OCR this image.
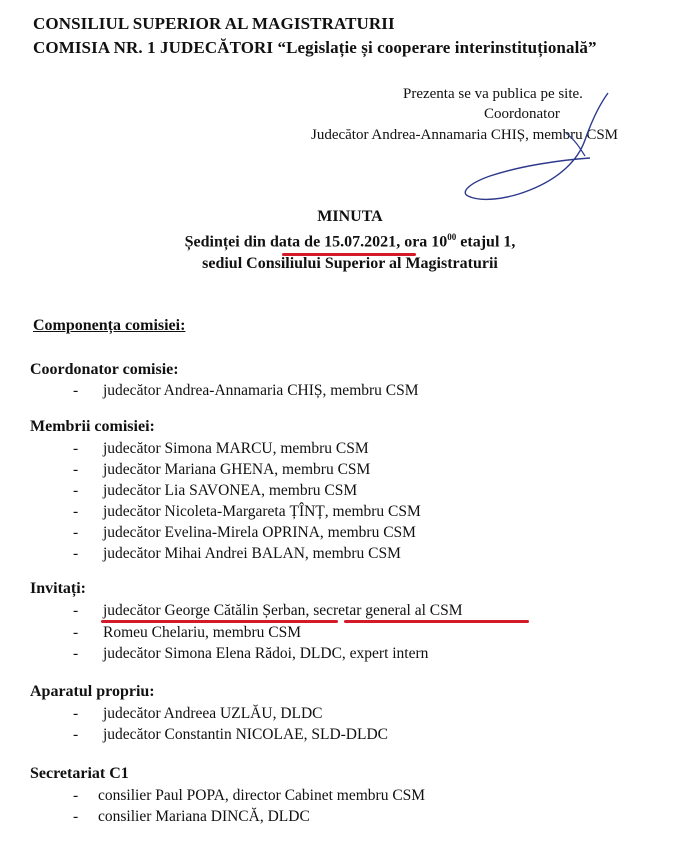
CONSILIUL SUPERIOR AL MAGISTRATURII
COMISIA NR. 1 JUDECĂTORI “Legislație și cooperare interinstituțională”
Prezenta se va publica pe site.
Coordonator
Judecător Andrea-Annamaria CHIȘ, membru CSM
MINUTA
Ședinței din data de 15.07.2021, ora $10^{00}$ etajul 1,
sediul Consiliului Superior al Magistraturii
Componența comisiei:
Coordonator comisie:
- judecător Andrea-Annamaria CHIȘ, membru CSM
Membrii comisiei:
- judecător Simona MARCU, membru CSM
- judecător Mariana GHENA, membru CSM
- judecător Lia SAVONEA, membru CSM
- judecător Nicoleta-Margareta ȚÎNȚ, membru CSM
- judecător Evelina-Mirela OPRINA, membru CSM
- judecător Mihai Andrei BALAN, membru CSM
Invitați:
- judecător George Cătălin Șerban, secretar general al CSM
- Romeu Chelariu, membru CSM
- judecător Simona Elena Rădoi, DLDC, expert intern
Aparatul propriu:
- judecător Andreea UZLĂU, DLDC
- judecător Constantin NICOLAE, SLD-DLDC
Secretariat C1
- consilier Paul POPA, director Cabinet membru CSM
- consilier Mariana DINCĂ, DLDC
